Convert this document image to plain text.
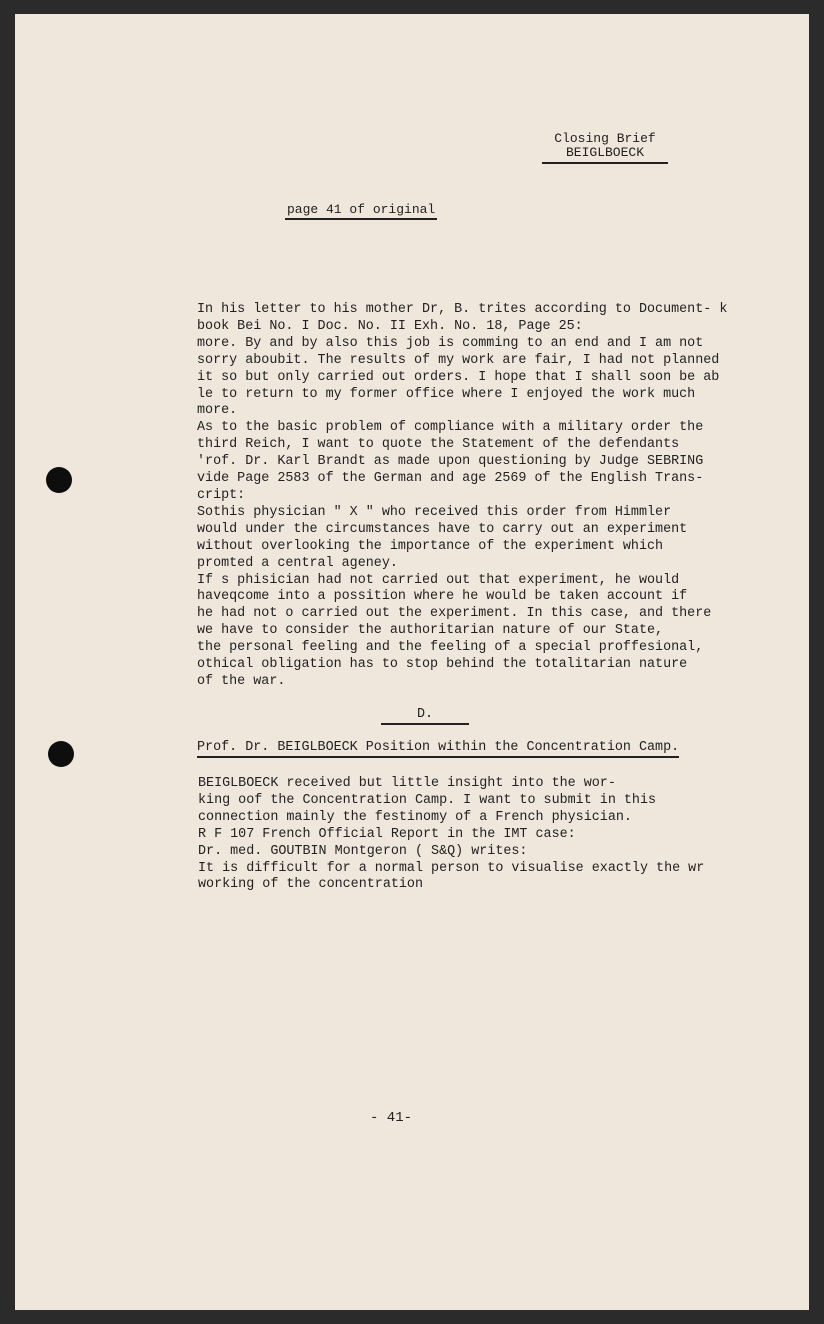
Closing Brief
BEIGLBOECK
page 41 of original
In his letter to his mother Dr, B. trites according to Document- k
book Bei No. I Doc. No. II Exh. No. 18, Page 25:
more. By and by also this job is comming to an end and I am not
sorry aboubit. The results of my work are fair, I had not planned
it so but only carried out orders. I hope that I shall soon be ab
le to return to my former office where I enjoyed the work much
more.
As to the basic problem of compliance with a military order the
third Reich, I want to quote the Statement of the defendants
'rof. Dr. Karl Brandt as made upon questioning by Judge SEBRING
vide Page 2583 of the German and age 2569 of the English Trans-
cript:
Sothis physician " X " who received this order from Himmler
would under the circumstances have to carry out an experiment
without overlooking the importance of the experiment which
promted a central ageney.
If s phisician had not carried out that experiment, he would
haveqcome into a possition where he would be taken account if
he had not o carried out the experiment. In this case, and there
we have to consider the authoritarian nature of our State,
the personal feeling and the feeling of a special proffesional,
othical obligation has to stop behind the totalitarian nature
of the war.
D.
Prof. Dr. BEIGLBOECK Position within the Concentration Camp.
BEIGLBOECK received but little insight into the wor-
king oof the Concentration Camp. I want to submit in this
connection mainly the festinomy of a French physician.
R F 107 French Official Report in the IMT case:
Dr. med. GOUTBIN Montgeron ( S&Q) writes:
It is difficult for a normal person to visualise exactly the wr
working of the concentration
- 41-
